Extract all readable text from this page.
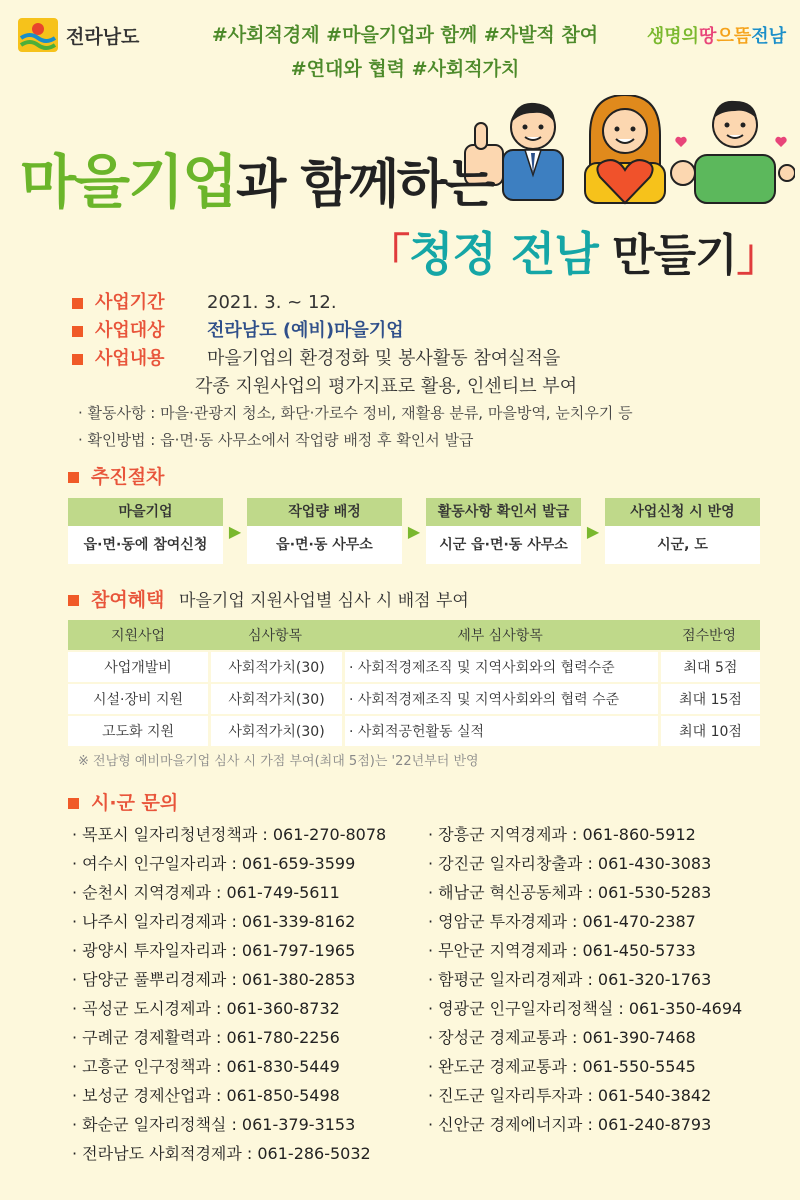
전라남도	#사회적경제 #마을기업과 함께 #자발적 참여
#연대와 협력 #사회적가치
생명의땅으뜸전남
마을기업과 함께하는
「청정 전남 만들기」
사업기간 2021. 3. ~ 12.
사업대상 전라남도 (예비)마을기업
사업내용 마을기업의 환경정화 및 봉사활동 참여실적을
각종 지원사업의 평가지표로 활용, 인센티브 부여
· 활동사항 : 마을·관광지 청소, 화단·가로수 정비, 재활용 분류, 마을방역, 눈치우기 등
· 확인방법 : 읍·면·동 사무소에서 작업량 배정 후 확인서 발급
추진절차
마을기업
읍·면·동에 참여신청
▶
작업량 배정
읍·면·동 사무소
▶
활동사항 확인서 발급
시군 읍·면·동 사무소
▶
사업신청 시 반영
시군, 도
참여혜택 마을기업 지원사업별 심사 시 배점 부여
지원사업	심사항목	세부 심사항목	점수반영
사업개발비	사회적가치(30)	· 사회적경제조직 및 지역사회와의 협력수준	최대 5점
시설·장비 지원	사회적가치(30)	· 사회적경제조직 및 지역사회와의 협력 수준	최대 15점
고도화 지원	사회적가치(30)	· 사회적공헌활동 실적	최대 10점
※ 전남형 예비마을기업 심사 시 가점 부여(최대 5점)는 '22년부터 반영
시·군 문의
· 목포시 일자리청년정책과 : 061-270-8078
· 여수시 인구일자리과 : 061-659-3599
· 순천시 지역경제과 : 061-749-5611
· 나주시 일자리경제과 : 061-339-8162
· 광양시 투자일자리과 : 061-797-1965
· 담양군 풀뿌리경제과 : 061-380-2853
· 곡성군 도시경제과 : 061-360-8732
· 구례군 경제활력과 : 061-780-2256
· 고흥군 인구정책과 : 061-830-5449
· 보성군 경제산업과 : 061-850-5498
· 화순군 일자리정책실 : 061-379-3153
· 전라남도 사회적경제과 : 061-286-5032
· 장흥군 지역경제과 : 061-860-5912
· 강진군 일자리창출과 : 061-430-3083
· 해남군 혁신공동체과 : 061-530-5283
· 영암군 투자경제과 : 061-470-2387
· 무안군 지역경제과 : 061-450-5733
· 함평군 일자리경제과 : 061-320-1763
· 영광군 인구일자리정책실 : 061-350-4694
· 장성군 경제교통과 : 061-390-7468
· 완도군 경제교통과 : 061-550-5545
· 진도군 일자리투자과 : 061-540-3842
· 신안군 경제에너지과 : 061-240-8793
